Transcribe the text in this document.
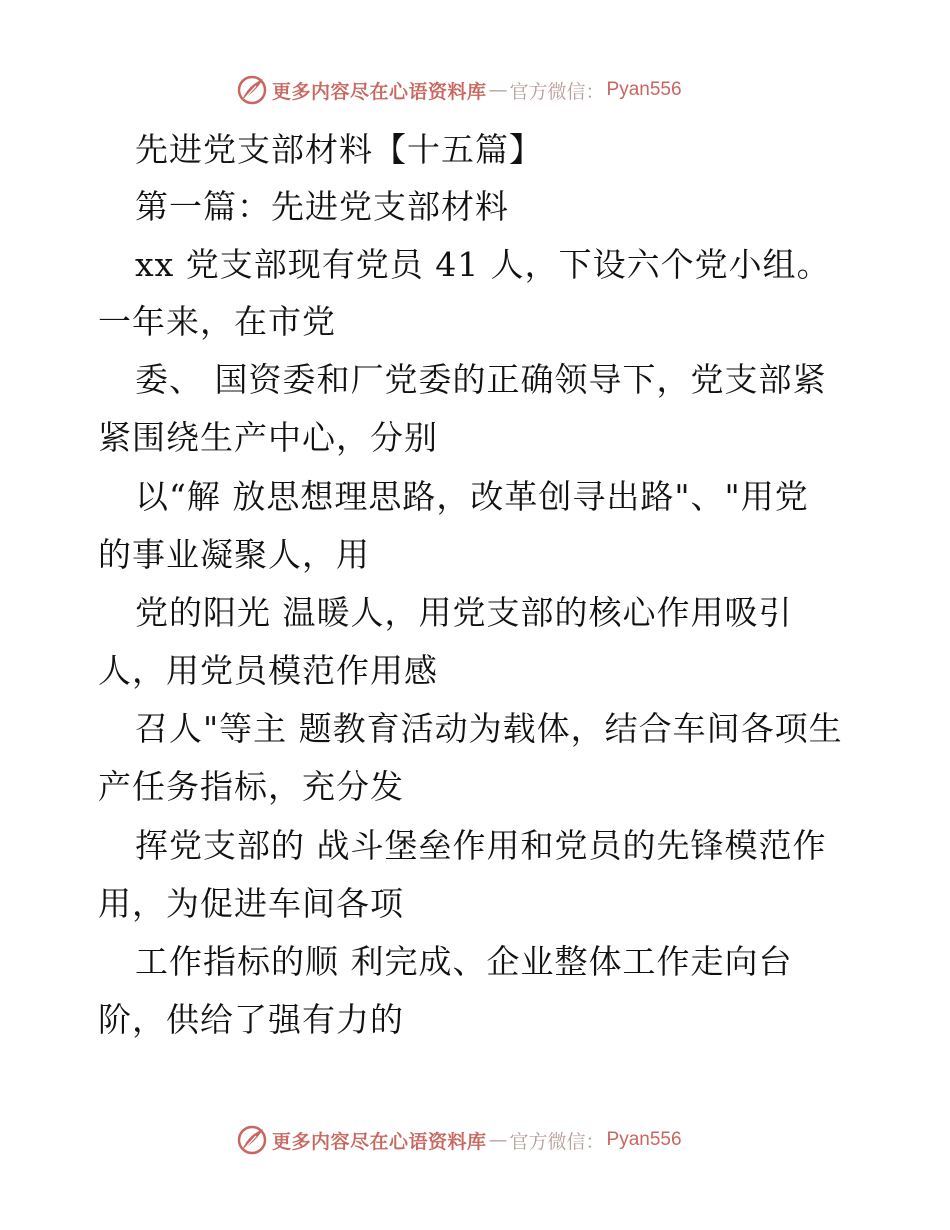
更多内容尽在心语资料库 — 官方微信： Pyan556
先进党支部材料【十五篇】
第一篇：先进党支部材料
xx 党支部现有党员 41 人，下设六个党小组。
一年来，在市党
委、 国资委和厂党委的正确领导下，党支部紧
紧围绕生产中心，分别
以“解 放思想理思路，改革创寻出路"、"用党
的事业凝聚人，用
党的阳光 温暖人，用党支部的核心作用吸引
人，用党员模范作用感
召人"等主 题教育活动为载体，结合车间各项生
产任务指标，充分发
挥党支部的 战斗堡垒作用和党员的先锋模范作
用，为促进车间各项
工作指标的顺 利完成、企业整体工作走向台
阶，供给了强有力的
更多内容尽在心语资料库 — 官方微信： Pyan556
